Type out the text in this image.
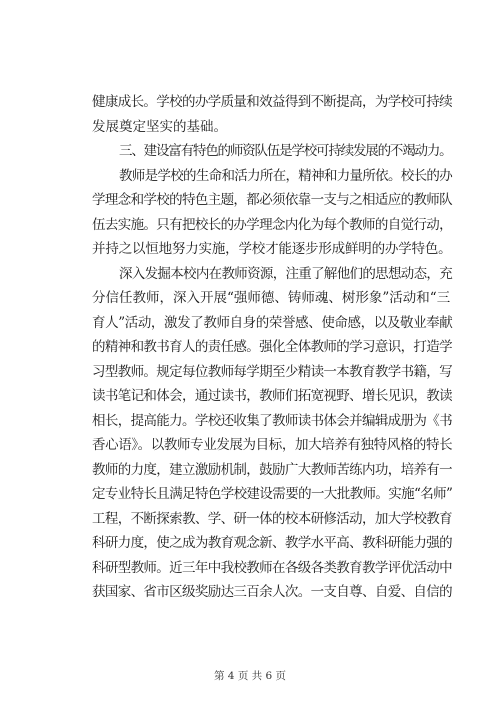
健康成长。学校的办学质量和效益得到不断提高，为学校可持续
发展奠定坚实的基础。
三、建设富有特色的师资队伍是学校可持续发展的不竭动力。
教师是学校的生命和活力所在，精神和力量所依。校长的办
学理念和学校的特色主题，都必须依靠一支与之相适应的教师队
伍去实施。只有把校长的办学理念内化为每个教师的自觉行动，
并持之以恒地努力实施，学校才能逐步形成鲜明的办学特色。
深入发掘本校内在教师资源，注重了解他们的思想动态，充
分信任教师，深入开展“强师德、铸师魂、树形象”活动和“三
育人”活动，激发了教师自身的荣誉感、使命感，以及敬业奉献
的精神和教书育人的责任感。强化全体教师的学习意识，打造学
习型教师。规定每位教师每学期至少精读一本教育教学书籍，写
读书笔记和体会，通过读书，教师们拓宽视野、增长见识，教读
相长，提高能力。学校还收集了教师读书体会并编辑成册为《书
香心语》。以教师专业发展为目标，加大培养有独特风格的特长
教师的力度，建立激励机制，鼓励广大教师苦练内功，培养有一
定专业特长且满足特色学校建设需要的一大批教师。实施“名师”
工程，不断探索教、学、研一体的校本研修活动，加大学校教育
科研力度，使之成为教育观念新、教学水平高、教科研能力强的
科研型教师。近三年中我校教师在各级各类教育教学评优活动中
获国家、省市区级奖励达三百余人次。一支自尊、自爱、自信的
第 4 页 共 6 页
